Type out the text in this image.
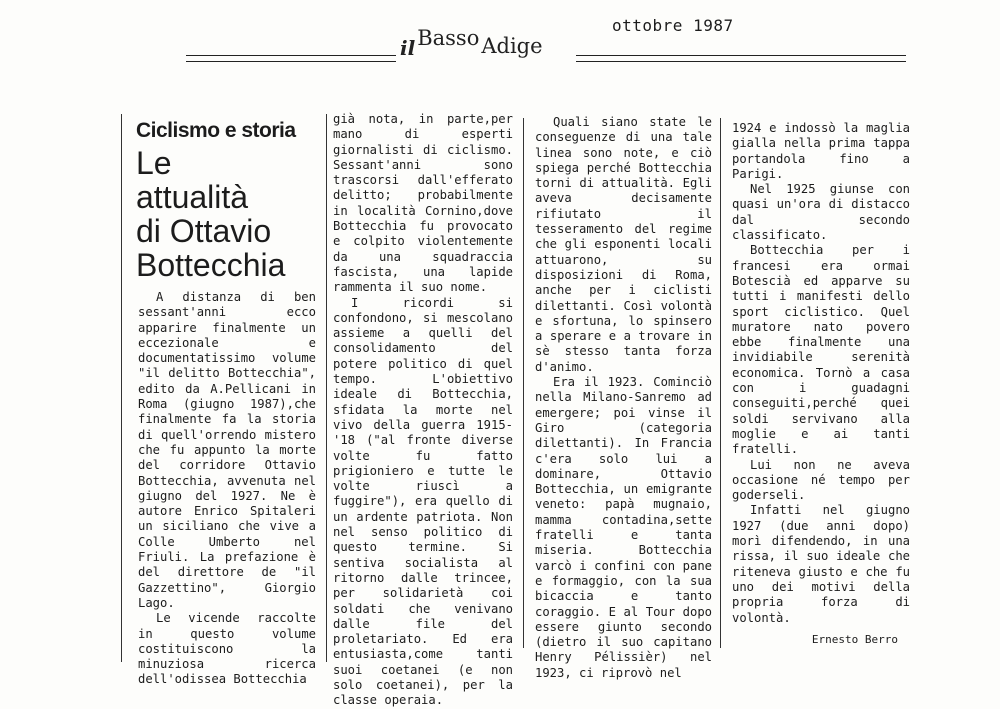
ottobre 1987
ilBassoAdige
Ciclismo e storia
Le
attualità
di Ottavio
Bottecchia

A distanza di ben sessant'anni ecco apparire finalmente un eccezionale e documentatissimo volume "il delitto Bottecchia", edito da A.Pellicani in Roma (giugno 1987),che finalmente fa la storia di quell'orrendo mistero che fu appunto la morte del corridore Ottavio Bottecchia, avvenuta nel giugno del 1927. Ne è autore Enrico Spitaleri un siciliano che vive a Colle Umberto nel Friuli. La prefazione è del direttore de "il Gazzettino", Giorgio Lago.

Le vicende raccolte in questo volume costituiscono la minuziosa ricerca dell'odissea Bottecchia

già nota, in parte,per mano di esperti giornalisti di ciclismo. Sessant'anni sono trascorsi dall'efferato delitto; probabilmente in località Cornino,dove Bottecchia fu provocato e colpito violentemente da una squadraccia fascista, una lapide rammenta il suo nome.

I ricordi si confondono, si mescolano assieme a quelli del consolidamento del potere politico di quel tempo. L'obiettivo ideale di Bottecchia, sfidata la morte nel vivo della guerra 1915-'18 ("al fronte diverse volte fu fatto prigioniero e tutte le volte riuscì a fuggire"), era quello di un ardente patriota. Non nel senso politico di questo termine. Si sentiva socialista al ritorno dalle trincee, per solidarietà coi soldati che venivano dalle file del proletariato. Ed era entusiasta,come tanti suoi coetanei (e non solo coetanei), per la classe operaia.

Quali siano state le conseguenze di una tale linea sono note, e ciò spiega perché Bottecchia torni di attualità. Egli aveva decisamente rifiutato il tesseramento del regime che gli esponenti locali attuarono, su disposizioni di Roma, anche per i ciclisti dilettanti. Così volontà e sfortuna, lo spinsero a sperare e a trovare in sè stesso tanta forza d'animo.

Era il 1923. Cominciò nella Milano-Sanremo ad emergere; poi vinse il Giro (categoria dilettanti). In Francia c'era solo lui a dominare, Ottavio Bottecchia, un emigrante veneto: papà mugnaio, mamma contadina,sette fratelli e tanta miseria. Bottecchia varcò i confini con pane e formaggio, con la sua bicaccia e tanto coraggio. E al Tour dopo essere giunto secondo (dietro il suo capitano Henry Pélissièr) nel 1923, ci riprovò nel

1924 e indossò la maglia gialla nella prima tappa portandola fino a Parigi.

Nel 1925 giunse con quasi un'ora di distacco dal secondo classificato.

Bottecchia per i francesi era ormai Botescià ed apparve su tutti i manifesti dello sport ciclistico. Quel muratore nato povero ebbe finalmente una invidiabile serenità economica. Tornò a casa con i guadagni conseguiti,perché quei soldi servivano alla moglie e ai tanti fratelli.

Lui non ne aveva occasione né tempo per goderseli.

Infatti nel giugno 1927 (due anni dopo) morì difendendo, in una rissa, il suo ideale che riteneva giusto e che fu uno dei motivi della propria forza di volontà.

Ernesto Berro
